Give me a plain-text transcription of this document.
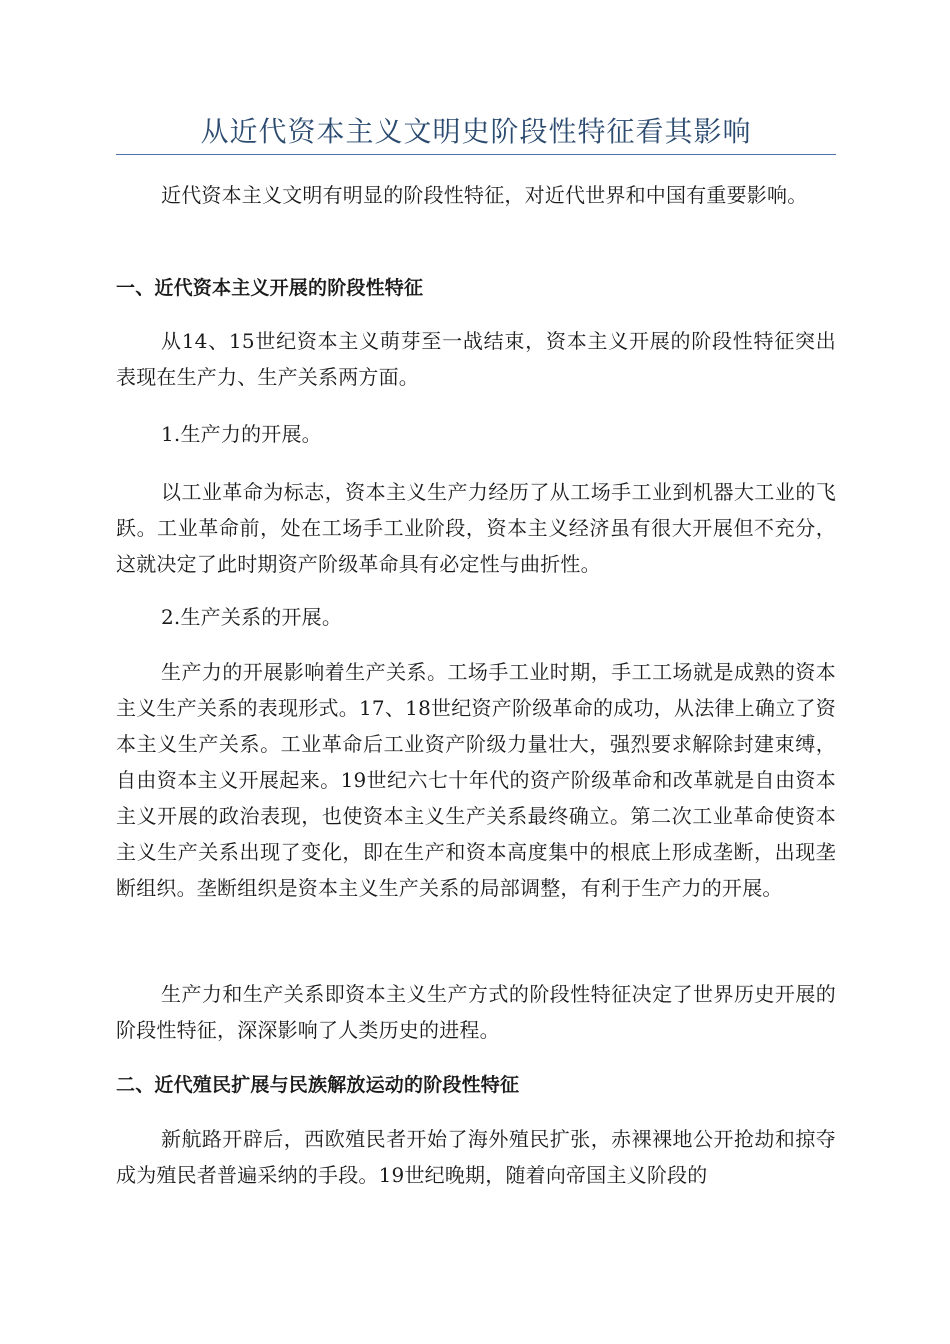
从近代资本主义文明史阶段性特征看其影响
近代资本主义文明有明显的阶段性特征，对近代世界和中国有重要影响。
一、近代资本主义开展的阶段性特征
从14、15世纪资本主义萌芽至一战结束，资本主义开展的阶段性特征突出表现在生产力、生产关系两方面。
1.生产力的开展。
以工业革命为标志，资本主义生产力经历了从工场手工业到机器大工业的飞跃。工业革命前，处在工场手工业阶段，资本主义经济虽有很大开展但不充分，这就决定了此时期资产阶级革命具有必定性与曲折性。
2.生产关系的开展。
生产力的开展影响着生产关系。工场手工业时期，手工工场就是成熟的资本主义生产关系的表现形式。17、18世纪资产阶级革命的成功，从法律上确立了资本主义生产关系。工业革命后工业资产阶级力量壮大，强烈要求解除封建束缚，自由资本主义开展起来。19世纪六七十年代的资产阶级革命和改革就是自由资本主义开展的政治表现，也使资本主义生产关系最终确立。第二次工业革命使资本主义生产关系出现了变化，即在生产和资本高度集中的根底上形成垄断，出现垄断组织。垄断组织是资本主义生产关系的局部调整，有利于生产力的开展。
生产力和生产关系即资本主义生产方式的阶段性特征决定了世界历史开展的阶段性特征，深深影响了人类历史的进程。
二、近代殖民扩展与民族解放运动的阶段性特征
新航路开辟后，西欧殖民者开始了海外殖民扩张，赤裸裸地公开抢劫和掠夺成为殖民者普遍采纳的手段。19世纪晚期，随着向帝国主义阶段的
